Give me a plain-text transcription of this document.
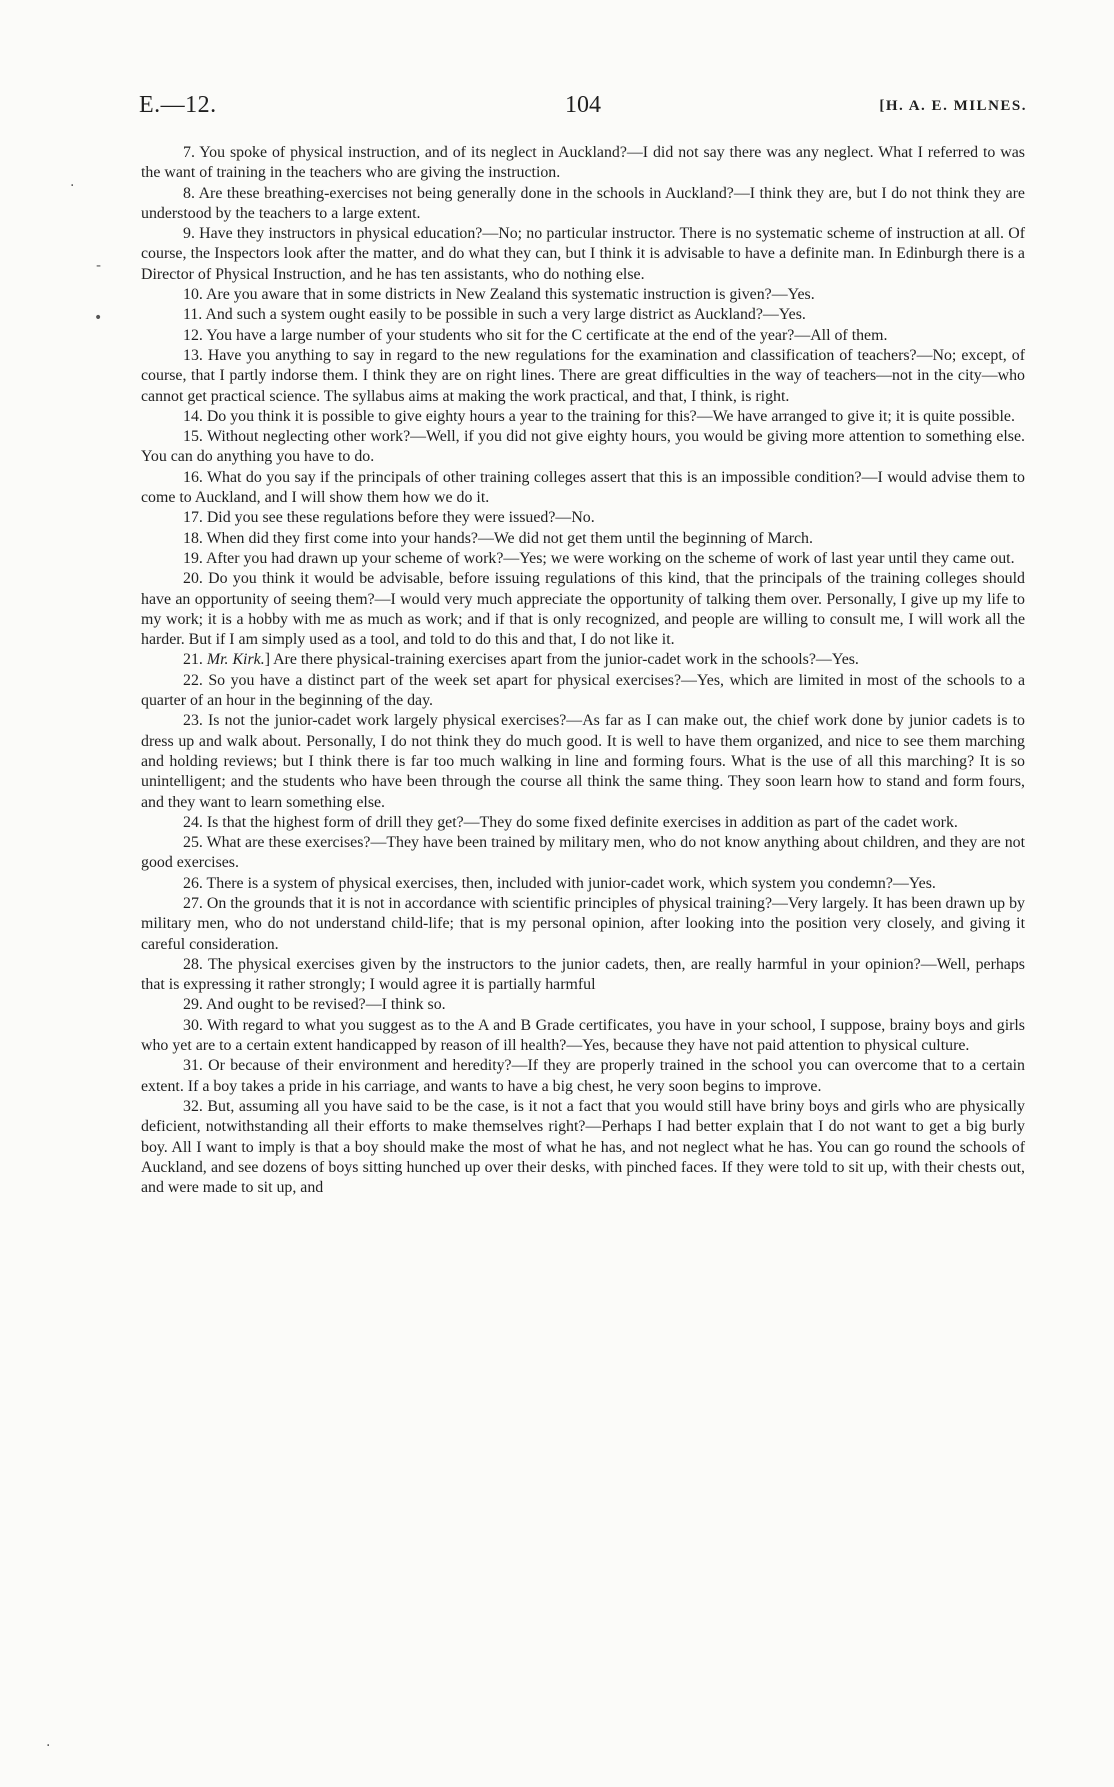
E.—12.	104	[H. A. E. MILNES.
·
-
•
·

7. You spoke of physical instruction, and of its neglect in Auckland?—I did not say there was any neglect. What I referred to was the want of training in the teachers who are giving the instruction.

8. Are these breathing-exercises not being generally done in the schools in Auckland?—I think they are, but I do not think they are understood by the teachers to a large extent.

9. Have they instructors in physical education?—No; no particular instructor. There is no systematic scheme of instruction at all. Of course, the Inspectors look after the matter, and do what they can, but I think it is advisable to have a definite man. In Edinburgh there is a Director of Physical Instruction, and he has ten assistants, who do nothing else.

10. Are you aware that in some districts in New Zealand this systematic instruction is given?—Yes.

11. And such a system ought easily to be possible in such a very large district as Auckland?—Yes.

12. You have a large number of your students who sit for the C certificate at the end of the year?—All of them.

13. Have you anything to say in regard to the new regulations for the examination and classification of teachers?—No; except, of course, that I partly indorse them. I think they are on right lines. There are great difficulties in the way of teachers—not in the city—who cannot get practical science. The syllabus aims at making the work practical, and that, I think, is right.

14. Do you think it is possible to give eighty hours a year to the training for this?—We have arranged to give it; it is quite possible.

15. Without neglecting other work?—Well, if you did not give eighty hours, you would be giving more attention to something else. You can do anything you have to do.

16. What do you say if the principals of other training colleges assert that this is an impossible condition?—I would advise them to come to Auckland, and I will show them how we do it.

17. Did you see these regulations before they were issued?—No.

18. When did they first come into your hands?—We did not get them until the beginning of March.

19. After you had drawn up your scheme of work?—Yes; we were working on the scheme of work of last year until they came out.

20. Do you think it would be advisable, before issuing regulations of this kind, that the principals of the training colleges should have an opportunity of seeing them?—I would very much appreciate the opportunity of talking them over. Personally, I give up my life to my work; it is a hobby with me as much as work; and if that is only recognized, and people are willing to consult me, I will work all the harder. But if I am simply used as a tool, and told to do this and that, I do not like it.

21. Mr. Kirk.] Are there physical-training exercises apart from the junior-cadet work in the schools?—Yes.

22. So you have a distinct part of the week set apart for physical exercises?—Yes, which are limited in most of the schools to a quarter of an hour in the beginning of the day.

23. Is not the junior-cadet work largely physical exercises?—As far as I can make out, the chief work done by junior cadets is to dress up and walk about. Personally, I do not think they do much good. It is well to have them organized, and nice to see them marching and holding reviews; but I think there is far too much walking in line and forming fours. What is the use of all this marching? It is so unintelligent; and the students who have been through the course all think the same thing. They soon learn how to stand and form fours, and they want to learn something else.

24. Is that the highest form of drill they get?—They do some fixed definite exercises in addition as part of the cadet work.

25. What are these exercises?—They have been trained by military men, who do not know anything about children, and they are not good exercises.

26. There is a system of physical exercises, then, included with junior-cadet work, which system you condemn?—Yes.

27. On the grounds that it is not in accordance with scientific principles of physical training?—Very largely. It has been drawn up by military men, who do not understand child-life; that is my personal opinion, after looking into the position very closely, and giving it careful consideration.

28. The physical exercises given by the instructors to the junior cadets, then, are really harmful in your opinion?—Well, perhaps that is expressing it rather strongly; I would agree it is partially harmful

29. And ought to be revised?—I think so.

30. With regard to what you suggest as to the A and B Grade certificates, you have in your school, I suppose, brainy boys and girls who yet are to a certain extent handicapped by reason of ill health?—Yes, because they have not paid attention to physical culture.

31. Or because of their environment and heredity?—If they are properly trained in the school you can overcome that to a certain extent. If a boy takes a pride in his carriage, and wants to have a big chest, he very soon begins to improve.

32. But, assuming all you have said to be the case, is it not a fact that you would still have briny boys and girls who are physically deficient, notwithstanding all their efforts to make themselves right?—Perhaps I had better explain that I do not want to get a big burly boy. All I want to imply is that a boy should make the most of what he has, and not neglect what he has. You can go round the schools of Auckland, and see dozens of boys sitting hunched up over their desks, with pinched faces. If they were told to sit up, with their chests out, and were made to sit up, and
